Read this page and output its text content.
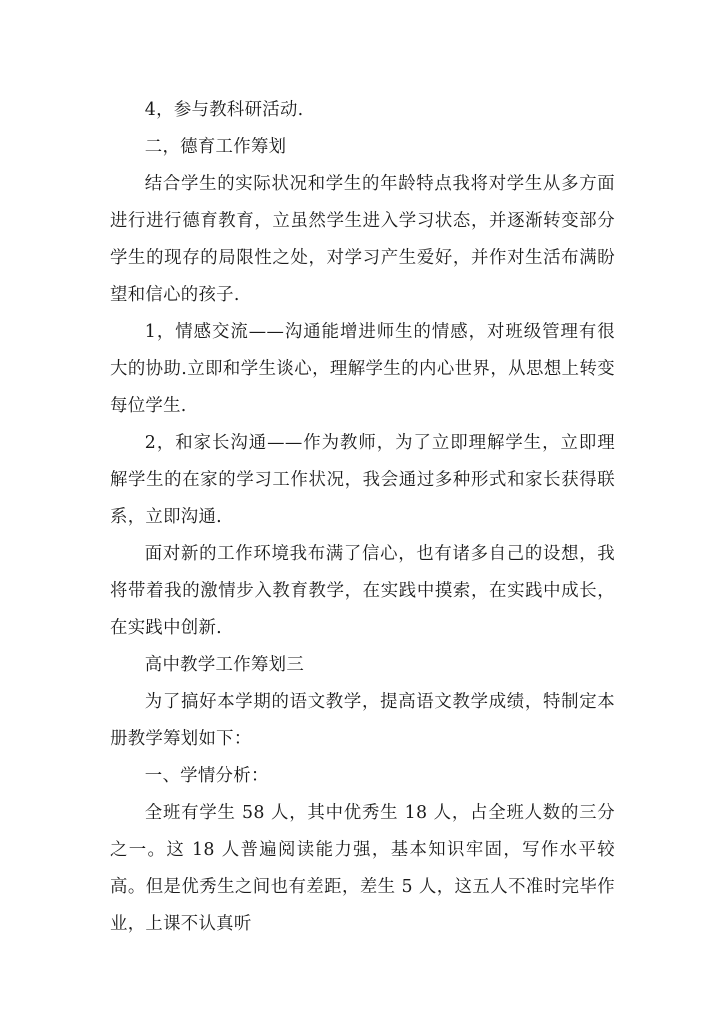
4，参与教科研活动.

二，德育工作筹划

结合学生的实际状况和学生的年龄特点我将对学生从多方面进行进行德育教育，立虽然学生进入学习状态，并逐渐转变部分学生的现存的局限性之处，对学习产生爱好，并作对生活布满盼望和信心的孩子.

1，情感交流——沟通能增进师生的情感，对班级管理有很大的协助.立即和学生谈心，理解学生的内心世界，从思想上转变每位学生.

2，和家长沟通——作为教师，为了立即理解学生，立即理解学生的在家的学习工作状况，我会通过多种形式和家长获得联系，立即沟通.

面对新的工作环境我布满了信心，也有诸多自己的设想，我将带着我的激情步入教育教学，在实践中摸索，在实践中成长，在实践中创新.

高中教学工作筹划三

为了搞好本学期的语文教学，提高语文教学成绩，特制定本册教学筹划如下：

一、学情分析：

全班有学生 58 人，其中优秀生 18 人，占全班人数的三分之一。这 18 人普遍阅读能力强，基本知识牢固，写作水平较高。但是优秀生之间也有差距，差生 5 人，这五人不准时完毕作业，上课不认真听
